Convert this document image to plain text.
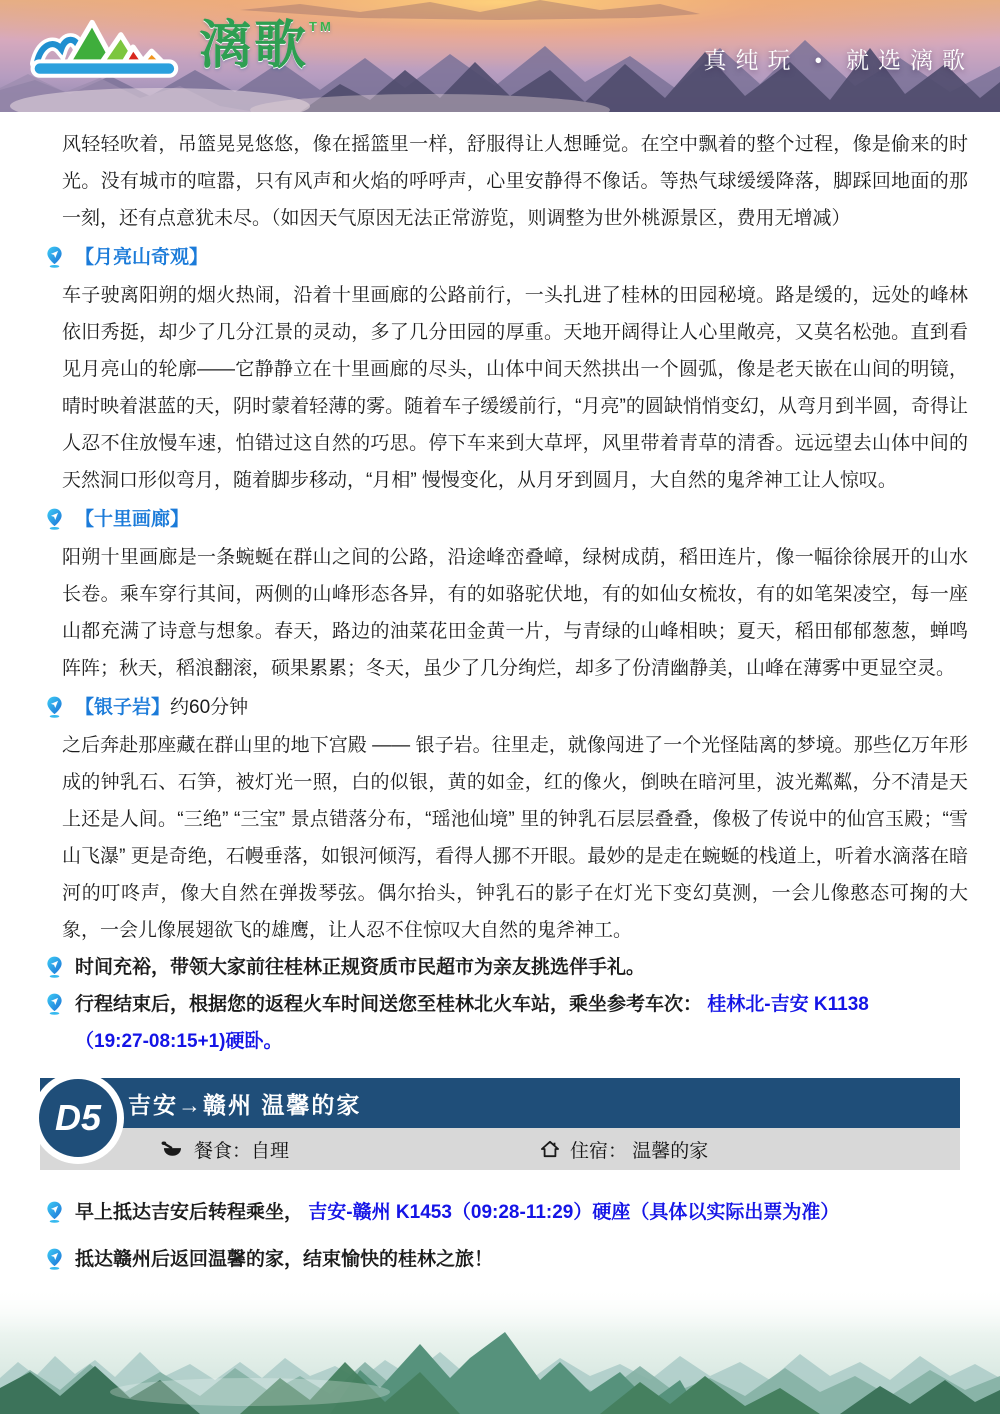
漓歌™
真纯玩 • 就选漓歌

风轻轻吹着，吊篮晃晃悠悠，像在摇篮里一样，舒服得让人想睡觉。在空中飘着的整个过程，像是偷来的时光。没有城市的喧嚣，只有风声和火焰的呼呼声，心里安静得不像话。等热气球缓缓降落，脚踩回地面的那一刻，还有点意犹未尽。（如因天气原因无法正常游览，则调整为世外桃源景区，费用无增减）

【月亮山奇观】

车子驶离阳朔的烟火热闹，沿着十里画廊的公路前行，一头扎进了桂林的田园秘境。路是缓的，远处的峰林依旧秀挺，却少了几分江景的灵动，多了几分田园的厚重。天地开阔得让人心里敞亮，又莫名松弛。直到看见月亮山的轮廓——它静静立在十里画廊的尽头，山体中间天然拱出一个圆弧，像是老天嵌在山间的明镜，晴时映着湛蓝的天，阴时蒙着轻薄的雾。随着车子缓缓前行，“月亮”的圆缺悄悄变幻，从弯月到半圆，奇得让人忍不住放慢车速，怕错过这自然的巧思。停下车来到大草坪，风里带着青草的清香。远远望去山体中间的天然洞口形似弯月，随着脚步移动，“月相” 慢慢变化，从月牙到圆月，大自然的鬼斧神工让人惊叹。

【十里画廊】

阳朔十里画廊是一条蜿蜒在群山之间的公路，沿途峰峦叠嶂，绿树成荫，稻田连片，像一幅徐徐展开的山水长卷。乘车穿行其间，两侧的山峰形态各异，有的如骆驼伏地，有的如仙女梳妆，有的如笔架凌空，每一座山都充满了诗意与想象。春天，路边的油菜花田金黄一片，与青绿的山峰相映；夏天，稻田郁郁葱葱，蝉鸣阵阵；秋天，稻浪翻滚，硕果累累；冬天，虽少了几分绚烂，却多了份清幽静美，山峰在薄雾中更显空灵。

【银子岩】 约60分钟

之后奔赴那座藏在群山里的地下宫殿 —— 银子岩。往里走，就像闯进了一个光怪陆离的梦境。那些亿万年形成的钟乳石、石笋，被灯光一照，白的似银，黄的如金，红的像火，倒映在暗河里，波光粼粼，分不清是天上还是人间。“三绝” “三宝” 景点错落分布，“瑶池仙境” 里的钟乳石层层叠叠，像极了传说中的仙宫玉殿；“雪山飞瀑” 更是奇绝，石幔垂落，如银河倾泻，看得人挪不开眼。最妙的是走在蜿蜒的栈道上，听着水滴落在暗河的叮咚声，像大自然在弹拨琴弦。偶尔抬头，钟乳石的影子在灯光下变幻莫测，一会儿像憨态可掬的大象，一会儿像展翅欲飞的雄鹰，让人忍不住惊叹大自然的鬼斧神工。

时间充裕，带领大家前往桂林正规资质市民超市为亲友挑选伴手礼。
行程结束后，根据您的返程火车时间送您至桂林北火车站，乘坐参考车次： 桂林北-吉安 K1138
（19:27-08:15+1)硬卧。
D5	吉安→赣州 温馨的家
餐食：自理	住宿： 温馨的家
早上抵达吉安后转程乘坐， 吉安-赣州 K1453（09:28-11:29）硬座（具体以实际出票为准）
抵达赣州后返回温馨的家，结束愉快的桂林之旅！
